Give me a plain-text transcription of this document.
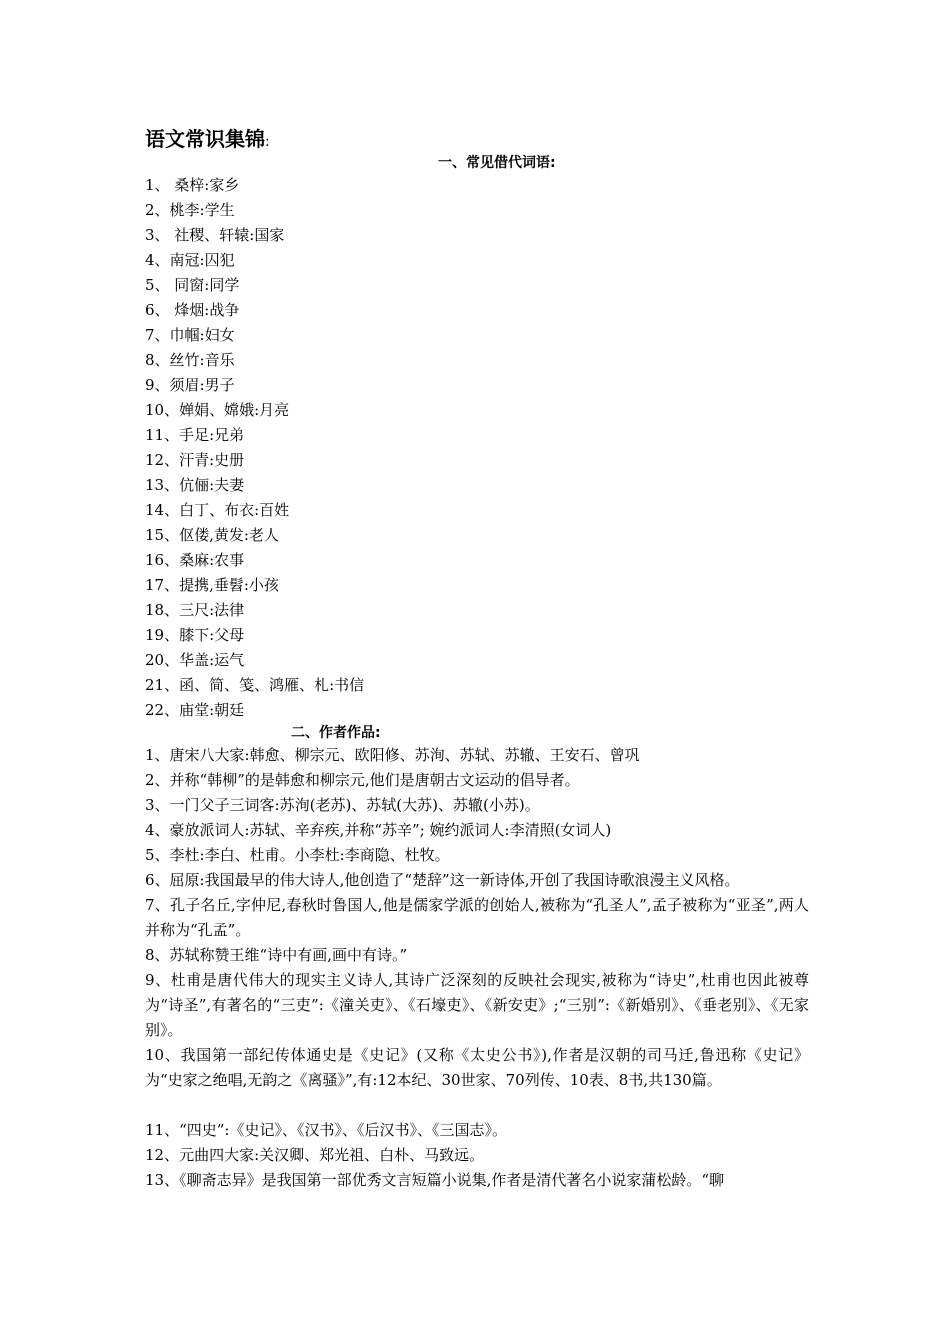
语文常识集锦:
一、常见借代词语:
1、 桑梓:家乡
2、桃李:学生
3、 社稷、轩辕:国家
4、南冠:囚犯
5、 同窗:同学
6、 烽烟:战争
7、巾帼:妇女
8、丝竹:音乐
9、须眉:男子
10、婵娟、嫦娥:月亮
11、手足:兄弟
12、汗青:史册
13、伉俪:夫妻
14、白丁、布衣:百姓
15、伛偻,黄发:老人
16、桑麻:农事
17、提携,垂髫:小孩
18、三尺:法律
19、膝下:父母
20、华盖:运气
21、函、简、笺、鸿雁、札:书信
22、庙堂:朝廷
二、作者作品:
1、唐宋八大家:韩愈、柳宗元、欧阳修、苏洵、苏轼、苏辙、王安石、曾巩
2、并称“韩柳”的是韩愈和柳宗元,他们是唐朝古文运动的倡导者。
3、一门父子三词客:苏洵(老苏)、苏轼(大苏)、苏辙(小苏)。
4、豪放派词人:苏轼、辛弃疾,并称“苏辛”; 婉约派词人:李清照(女词人)
5、李杜:李白、杜甫。小李杜:李商隐、杜牧。
6、屈原:我国最早的伟大诗人,他创造了“楚辞”这一新诗体,开创了我国诗歌浪漫主义风格。
7、孔子名丘,字仲尼,春秋时鲁国人,他是儒家学派的创始人,被称为“孔圣人”,孟子被称为“亚圣”,两人并称为“孔孟”。
8、苏轼称赞王维“诗中有画,画中有诗。”
9、杜甫是唐代伟大的现实主义诗人,其诗广泛深刻的反映社会现实,被称为“诗史”,杜甫也因此被尊为“诗圣”,有著名的“三吏”:《潼关吏》、《石壕吏》、《新安吏》;“三别”:《新婚别》、《垂老别》、《无家别》。
10、我国第一部纪传体通史是《史记》(又称《太史公书》),作者是汉朝的司马迁,鲁迅称《史记》为“史家之绝唱,无韵之《离骚》”,有:12本纪、30世家、70列传、10表、8书,共130篇。
11、“四史”:《史记》、《汉书》、《后汉书》、《三国志》。
12、元曲四大家:关汉卿、郑光祖、白朴、马致远。
13、《聊斋志异》是我国第一部优秀文言短篇小说集,作者是清代著名小说家蒲松龄。“聊
